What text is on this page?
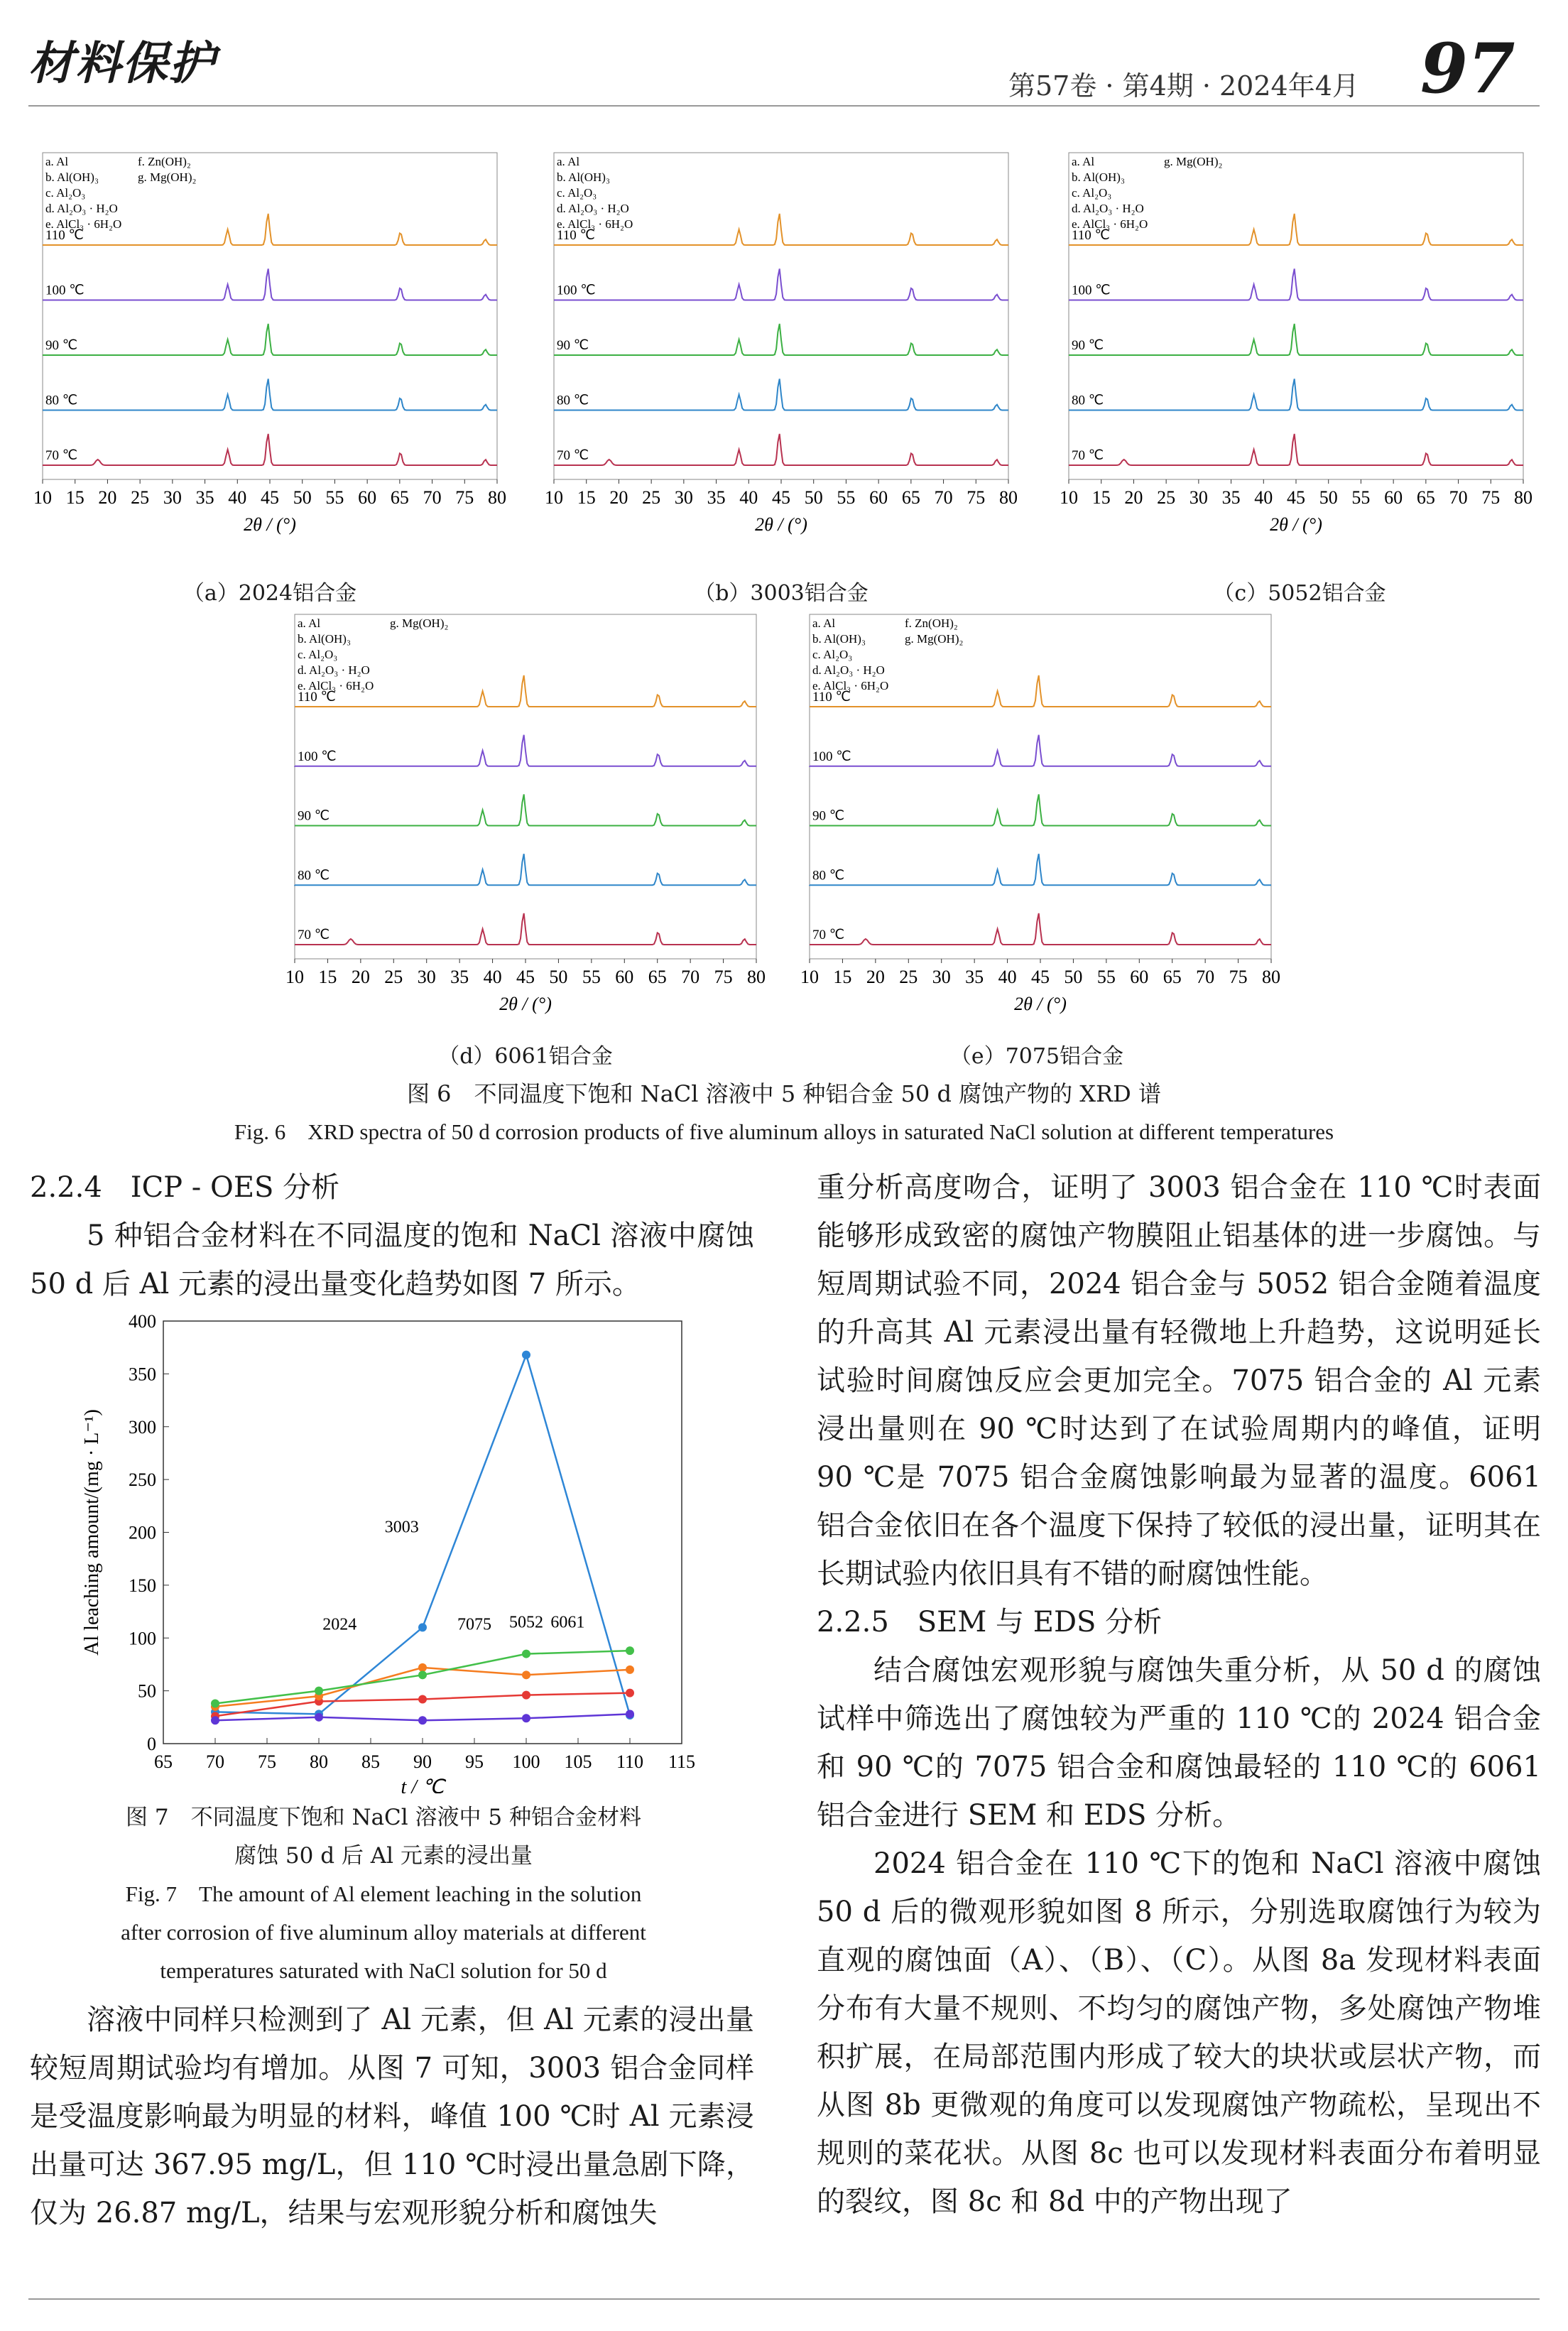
材料保护	第57卷 · 第4期 · 2024年4月 97
a. Al
b. Al(OH)₃
c. Al₂O₃
d. Al₂O₃ · H₂O
e. AlCl₃ · 6H₂O
f. Zn(OH)₂
g. Mg(OH)₂
110 ℃
100 ℃
90 ℃
80 ℃
70 ℃
10 15 20 25 30 35 40 45 50 55 60 65 70 75 80
2θ / (°)
a. Al
b. Al(OH)₃
c. Al₂O₃
d. Al₂O₃ · H₂O
e. AlCl₃ · 6H₂O
110 ℃
100 ℃
90 ℃
80 ℃
70 ℃
10 15 20 25 30 35 40 45 50 55 60 65 70 75 80
2θ / (°)
a. Al
b. Al(OH)₃
c. Al₂O₃
d. Al₂O₃ · H₂O
e. AlCl₃ · 6H₂O
g. Mg(OH)₂
110 ℃
100 ℃
90 ℃
80 ℃
70 ℃
10 15 20 25 30 35 40 45 50 55 60 65 70 75 80
2θ / (°)
a. Al
b. Al(OH)₃
c. Al₂O₃
d. Al₂O₃ · H₂O
e. AlCl₃ · 6H₂O
g. Mg(OH)₂
110 ℃
100 ℃
90 ℃
80 ℃
70 ℃
10 15 20 25 30 35 40 45 50 55 60 65 70 75 80
2θ / (°)
a. Al
b. Al(OH)₃
c. Al₂O₃
d. Al₂O₃ · H₂O
e. AlCl₃ · 6H₂O
f. Zn(OH)₂
g. Mg(OH)₂
110 ℃
100 ℃
90 ℃
80 ℃
70 ℃
10 15 20 25 30 35 40 45 50 55 60 65 70 75 80
2θ / (°)
（a）2024铝合金	（b）3003铝合金	（c）5052铝合金
（d）6061铝合金	（e）7075铝合金
图 6　不同温度下饱和 NaCl 溶液中 5 种铝合金 50 d 腐蚀产物的 XRD 谱
Fig. 6　XRD spectra of 50 d corrosion products of five aluminum alloys in saturated NaCl solution at different temperatures

2.2.4　ICP - OES 分析

5 种铝合金材料在不同温度的饱和 NaCl 溶液中腐蚀 50 d 后 Al 元素的浸出量变化趋势如图 7 所示。

65 70 75 80 85 90 95 100 105 110 115
0
50
100
150
200
250
300
350
400
t / ℃
Al leaching amount/(mg · L⁻¹)	3003
2024	7075 5052 6061
图 7　不同温度下饱和 NaCl 溶液中 5 种铝合金材料
腐蚀 50 d 后 Al 元素的浸出量
Fig. 7　The amount of Al element leaching in the solution
after corrosion of five aluminum alloy materials at different
temperatures saturated with NaCl solution for 50 d

溶液中同样只检测到了 Al 元素，但 Al 元素的浸出量较短周期试验均有增加。从图 7 可知，3003 铝合金同样是受温度影响最为明显的材料，峰值 100 ℃时 Al 元素浸出量可达 367.95 mg/L，但 110 ℃时浸出量急剧下降，仅为 26.87 mg/L，结果与宏观形貌分析和腐蚀失

重分析高度吻合，证明了 3003 铝合金在 110 ℃时表面能够形成致密的腐蚀产物膜阻止铝基体的进一步腐蚀。与短周期试验不同，2024 铝合金与 5052 铝合金随着温度的升高其 Al 元素浸出量有轻微地上升趋势，这说明延长试验时间腐蚀反应会更加完全。7075 铝合金的 Al 元素浸出量则在 90 ℃时达到了在试验周期内的峰值，证明 90 ℃是 7075 铝合金腐蚀影响最为显著的温度。6061 铝合金依旧在各个温度下保持了较低的浸出量，证明其在长期试验内依旧具有不错的耐腐蚀性能。

2.2.5　SEM 与 EDS 分析

结合腐蚀宏观形貌与腐蚀失重分析，从 50 d 的腐蚀试样中筛选出了腐蚀较为严重的 110 ℃的 2024 铝合金和 90 ℃的 7075 铝合金和腐蚀最轻的 110 ℃的 6061 铝合金进行 SEM 和 EDS 分析。

2024 铝合金在 110 ℃下的饱和 NaCl 溶液中腐蚀 50 d 后的微观形貌如图 8 所示，分别选取腐蚀行为较为直观的腐蚀面（A）、（B）、（C）。从图 8a 发现材料表面分布有大量不规则、不均匀的腐蚀产物，多处腐蚀产物堆积扩展，在局部范围内形成了较大的块状或层状产物，而从图 8b 更微观的角度可以发现腐蚀产物疏松，呈现出不规则的菜花状。从图 8c 也可以发现材料表面分布着明显的裂纹，图 8c 和 8d 中的产物出现了
